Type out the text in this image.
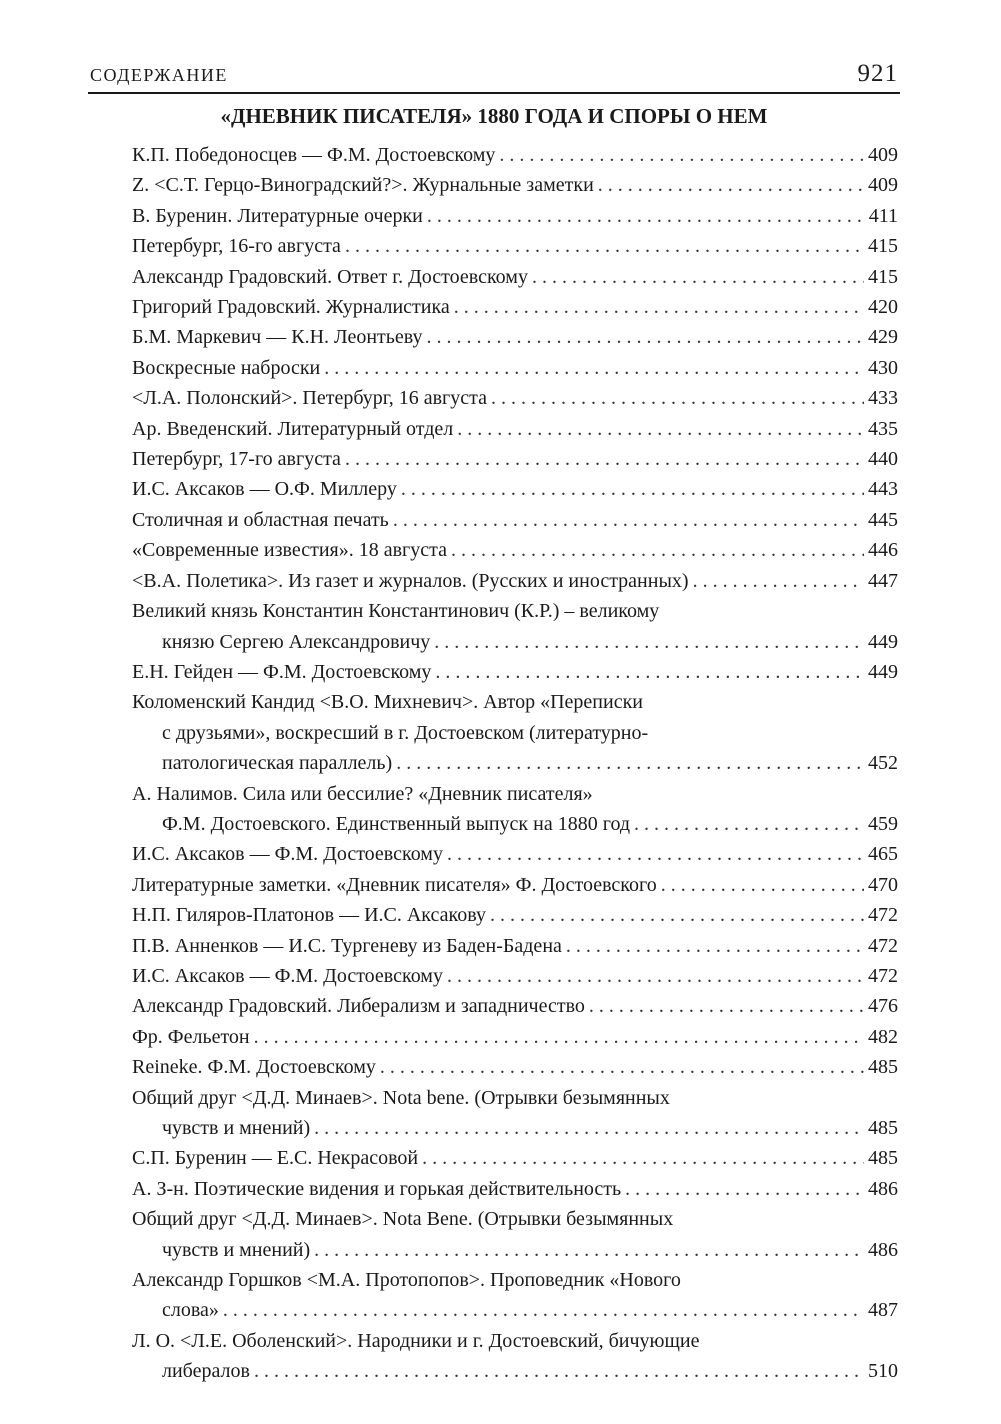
СОДЕРЖАНИЕ	921
«ДНЕВНИК ПИСАТЕЛЯ» 1880 ГОДА И СПОРЫ О НЕМ
К.П. Победоносцев — Ф.М. Достоевскому . . .	409
Z. <С.Т. Герцо-Виноградский?>. Журнальные заметки . . .	409
В. Буренин. Литературные очерки . . .	411
Петербург, 16-го августа . . .	415
Александр Градовский. Ответ г. Достоевскому . . .	415
Григорий Градовский. Журналистика . . .	420
Б.М. Маркевич — К.Н. Леонтьеву . . .	429
Воскресные наброски . . .	430
<Л.А. Полонский>. Петербург, 16 августа . . .	433
Ар. Введенский. Литературный отдел . . .	435
Петербург, 17-го августа . . .	440
И.С. Аксаков — О.Ф. Миллеру . . .	443
Столичная и областная печать . . .	445
«Современные известия». 18 августа . . .	446
<В.А. Полетика>. Из газет и журналов. (Русских и иностранных) . . .	447
Великий князь Константин Константинович (К.Р.) – великому
князю Сергею Александровичу . . .	449
Е.Н. Гейден — Ф.М. Достоевскому . . .	449
Коломенский Кандид <В.О. Михневич>. Автор «Переписки
с друзьями», воскресший в г. Достоевском (литературно-
патологическая параллель) . . .	452
А. Налимов. Сила или бессилие? «Дневник писателя»
Ф.М. Достоевского. Единственный выпуск на 1880 год . . .	459
И.С. Аксаков — Ф.М. Достоевскому . . .	465
Литературные заметки. «Дневник писателя» Ф. Достоевского . . .	470
Н.П. Гиляров-Платонов — И.С. Аксакову . . .	472
П.В. Анненков — И.С. Тургеневу из Баден-Бадена . . .	472
И.С. Аксаков — Ф.М. Достоевскому . . .	472
Александр Градовский. Либерализм и западничество . . .	476
Фр. Фельетон . . .	482
Reineke. Ф.М. Достоевскому . . .	485
Общий друг <Д.Д. Минаев>. Nota bene. (Отрывки безымянных
чувств и мнений) . . .	485
С.П. Буренин — Е.С. Некрасовой . . .	485
А. З-н. Поэтические видения и горькая действительность . . .	486
Общий друг <Д.Д. Минаев>. Nota Bene. (Отрывки безымянных
чувств и мнений) . . .	486
Александр Горшков <М.А. Протопопов>. Проповедник «Нового
слова» . . .	487
Л. О. <Л.Е. Оболенский>. Народники и г. Достоевский, бичующие
либералов . . .	510
